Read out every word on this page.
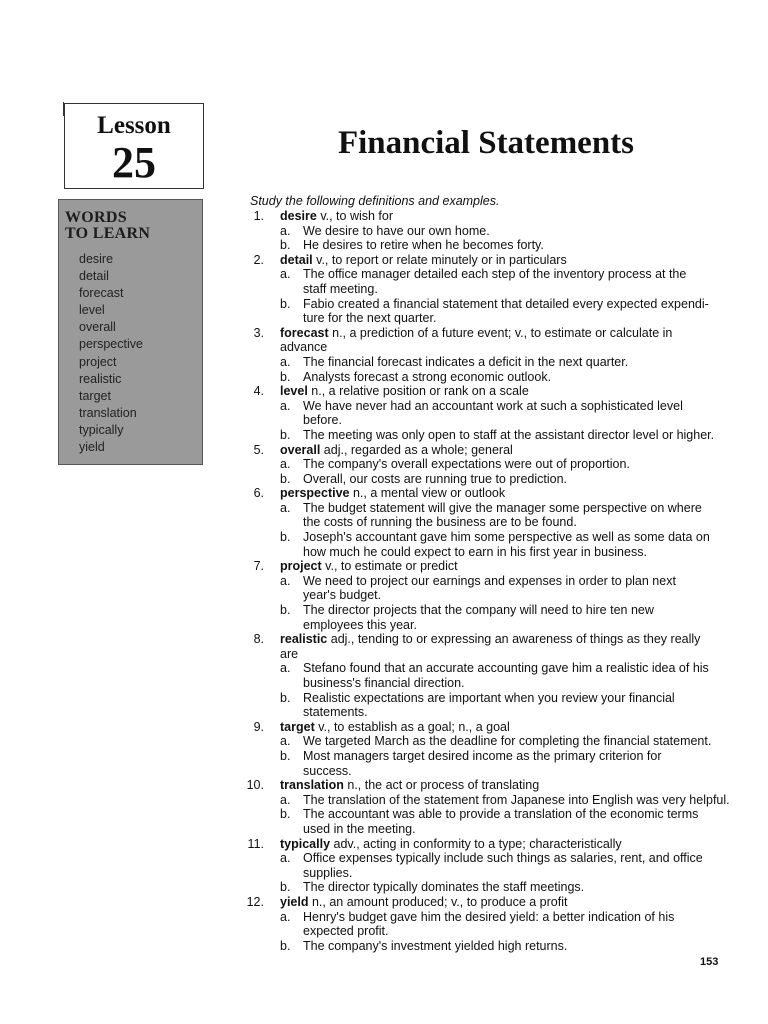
Lesson
25	Financial Statements
WORDS
TO LEARN
desire
detail
forecast
level
overall
perspective
project
realistic
target
translation
typically
yield

Study the following definitions and examples.

1. desire v., to wish for
a. We desire to have our own home.
b. He desires to retire when he becomes forty.
2. detail v., to report or relate minutely or in particulars
a. The office manager detailed each step of the inventory process at the
staff meeting.
b. Fabio created a financial statement that detailed every expected expendi-
ture for the next quarter.
3. forecast n., a prediction of a future event; v., to estimate or calculate in
advance
a. The financial forecast indicates a deficit in the next quarter.
b. Analysts forecast a strong economic outlook.
4. level n., a relative position or rank on a scale
a. We have never had an accountant work at such a sophisticated level
before.
b. The meeting was only open to staff at the assistant director level or higher.
5. overall adj., regarded as a whole; general
a. The company's overall expectations were out of proportion.
b. Overall, our costs are running true to prediction.
6. perspective n., a mental view or outlook
a. The budget statement will give the manager some perspective on where
the costs of running the business are to be found.
b. Joseph's accountant gave him some perspective as well as some data on
how much he could expect to earn in his first year in business.
7. project v., to estimate or predict
a. We need to project our earnings and expenses in order to plan next
year's budget.
b. The director projects that the company will need to hire ten new
employees this year.
8. realistic adj., tending to or expressing an awareness of things as they really
are
a. Stefano found that an accurate accounting gave him a realistic idea of his
business's financial direction.
b. Realistic expectations are important when you review your financial
statements.
9. target v., to establish as a goal; n., a goal
a. We targeted March as the deadline for completing the financial statement.
b. Most managers target desired income as the primary criterion for
success.
10. translation n., the act or process of translating
a. The translation of the statement from Japanese into English was very helpful.
b. The accountant was able to provide a translation of the economic terms
used in the meeting.
11. typically adv., acting in conformity to a type; characteristically
a. Office expenses typically include such things as salaries, rent, and office
supplies.
b. The director typically dominates the staff meetings.
12. yield n., an amount produced; v., to produce a profit
a. Henry's budget gave him the desired yield: a better indication of his
expected profit.
b. The company's investment yielded high returns.
153
